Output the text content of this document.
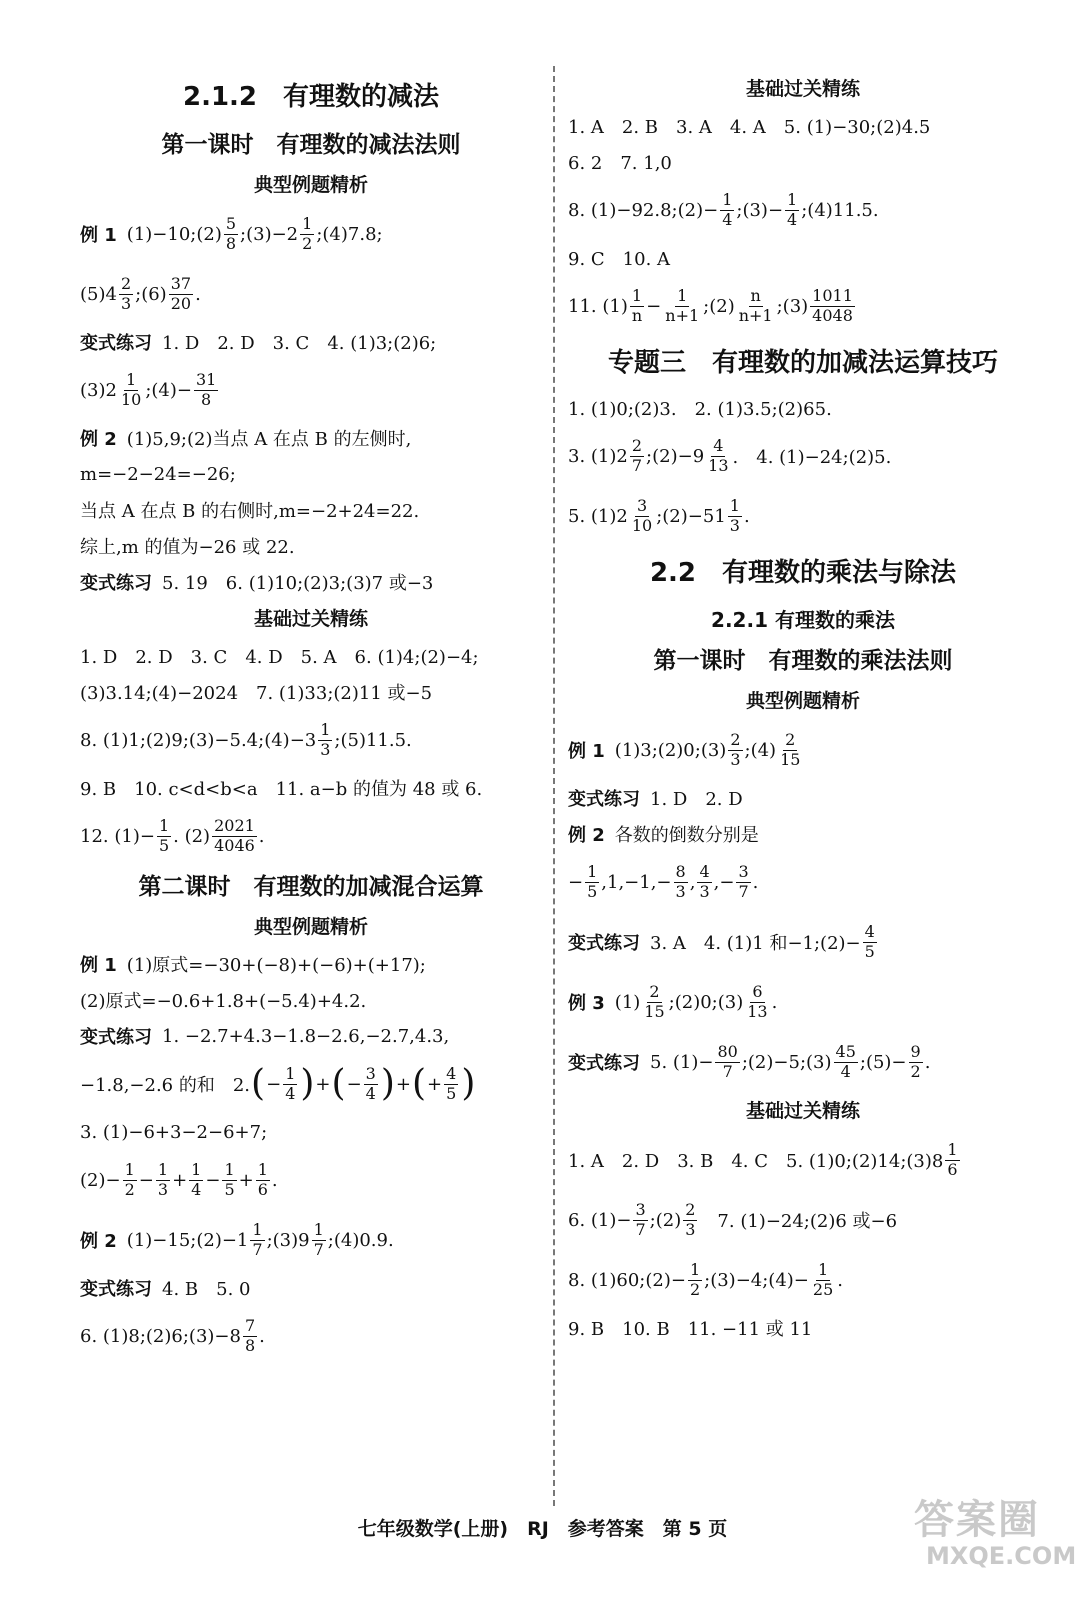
2.1.2　有理数的减法
第一课时　有理数的减法法则
典型例题精析
例 1 (1)−10;(2) $\frac{5}{8}$ ;(3)−2 $\frac{1}{2}$ ;(4)7.8;
$(5)4 \frac{2}{3}$ ;(6) $\frac{37}{20}$ .
变式练习 1. D　2. D　3. C　4. (1)3;(2)6;
$(3)2 \frac{1}{10}$ ;(4)− $\frac{31}{8}$
例 2 (1)5,9;(2)当点 A 在点 B 的左侧时,
m=−2−24=−26;
当点 A 在点 B 的右侧时,m=−2+24=22.
综上,m 的值为−26 或 22.
变式练习 5. 19　6. (1)10;(2)3;(3)7 或−3
基础过关精练
1. D　2. D　3. C　4. D　5. A　6. (1)4;(2)−4;
(3)3.14;(4)−2024　7. (1)33;(2)11 或−5
8. (1)1;(2)9;(3)−5.4;(4)−3 $\frac{1}{3}$ ;(5)11.5.
9. B　10. c<d<b<a　11. a−b 的值为 48 或 6.
12. $(1)- \frac{1}{5}$ . $(2) \frac{2021}{4046}$ .
第二课时　有理数的加减混合运算
典型例题精析
例 1 (1)原式=−30+(−8)+(−6)+(+17);
(2)原式=−0.6+1.8+(−5.4)+4.2.
变式练习 1. −2.7+4.3−1.8−2.6,−2.7,4.3,
−1.8,−2.6 的和　2. ( − $\frac{1}{4}$ ) + ( − $\frac{3}{4}$ ) + ( + $\frac{4}{5}$ )
3. (1)−6+3−2−6+7;
$(2)- \frac{1}{2} - \frac{1}{3} + \frac{1}{4} - \frac{1}{5} + \frac{1}{6}$ .
例 2 (1)−15;(2)−1 $\frac{1}{7}$ ;(3)9 $\frac{1}{7}$ ;(4)0.9.
变式练习 4. B　5. 0
6. (1)8;(2)6;(3)−8 $\frac{7}{8}$ .
基础过关精练
1. A　2. B　3. A　4. A　5. (1)−30;(2)4.5
6. 2　7. 1,0
8. (1)−92.8;(2)− $\frac{1}{4}$ ;(3)− $\frac{1}{4}$ ;(4)11.5.
9. C　10. A
11. $(1) \frac{1}{n} - \frac{1}{n+1}$ ;(2) $\frac{n}{n+1}$ ;(3) $\frac{1011}{4048}$
专题三　有理数的加减法运算技巧
1. (1)0;(2)3.　2. (1)3.5;(2)65.
3. $(1)2 \frac{2}{7}$ ;(2)−9 $\frac{4}{13}$ .　4. (1)−24;(2)5.
5. $(1)2 \frac{3}{10}$ ;(2)−51 $\frac{1}{3}$ .
2.2　有理数的乘法与除法
2.2.1 有理数的乘法
第一课时　有理数的乘法法则
典型例题精析
例 1 (1)3;(2)0;(3) $\frac{2}{3}$ ;(4) $\frac{2}{15}$
变式练习 1. D　2. D
例 2 各数的倒数分别是
− $\frac{1}{5} ,1,-1,- \frac{8}{3}$ , $\frac{4}{3}$ ,− $\frac{3}{7}$ .
变式练习 3. A　4. (1)1 和−1;(2)− $\frac{4}{5}$
例 3 $(1) \frac{2}{15}$ ;(2)0;(3) $\frac{6}{13}$ .
变式练习 5. $(1)- \frac{80}{7}$ ;(2)−5;(3) $\frac{45}{4}$ ;(5)− $\frac{9}{2}$ .
基础过关精练
1. A　2. D　3. B　4. C　5. (1)0;(2)14;(3)8 $\frac{1}{6}$
6. $(1)- \frac{3}{7}$ ;(2) $\frac{2}{3}$ 　7. (1)−24;(2)6 或−6
8. (1)60;(2)− $\frac{1}{2}$ ;(3)−4;(4)− $\frac{1}{25}$ .
9. B　10. B　11. −11 或 11
七年级数学(上册)　RJ　参考答案　第 5 页	答案圈
MXQE.COM
